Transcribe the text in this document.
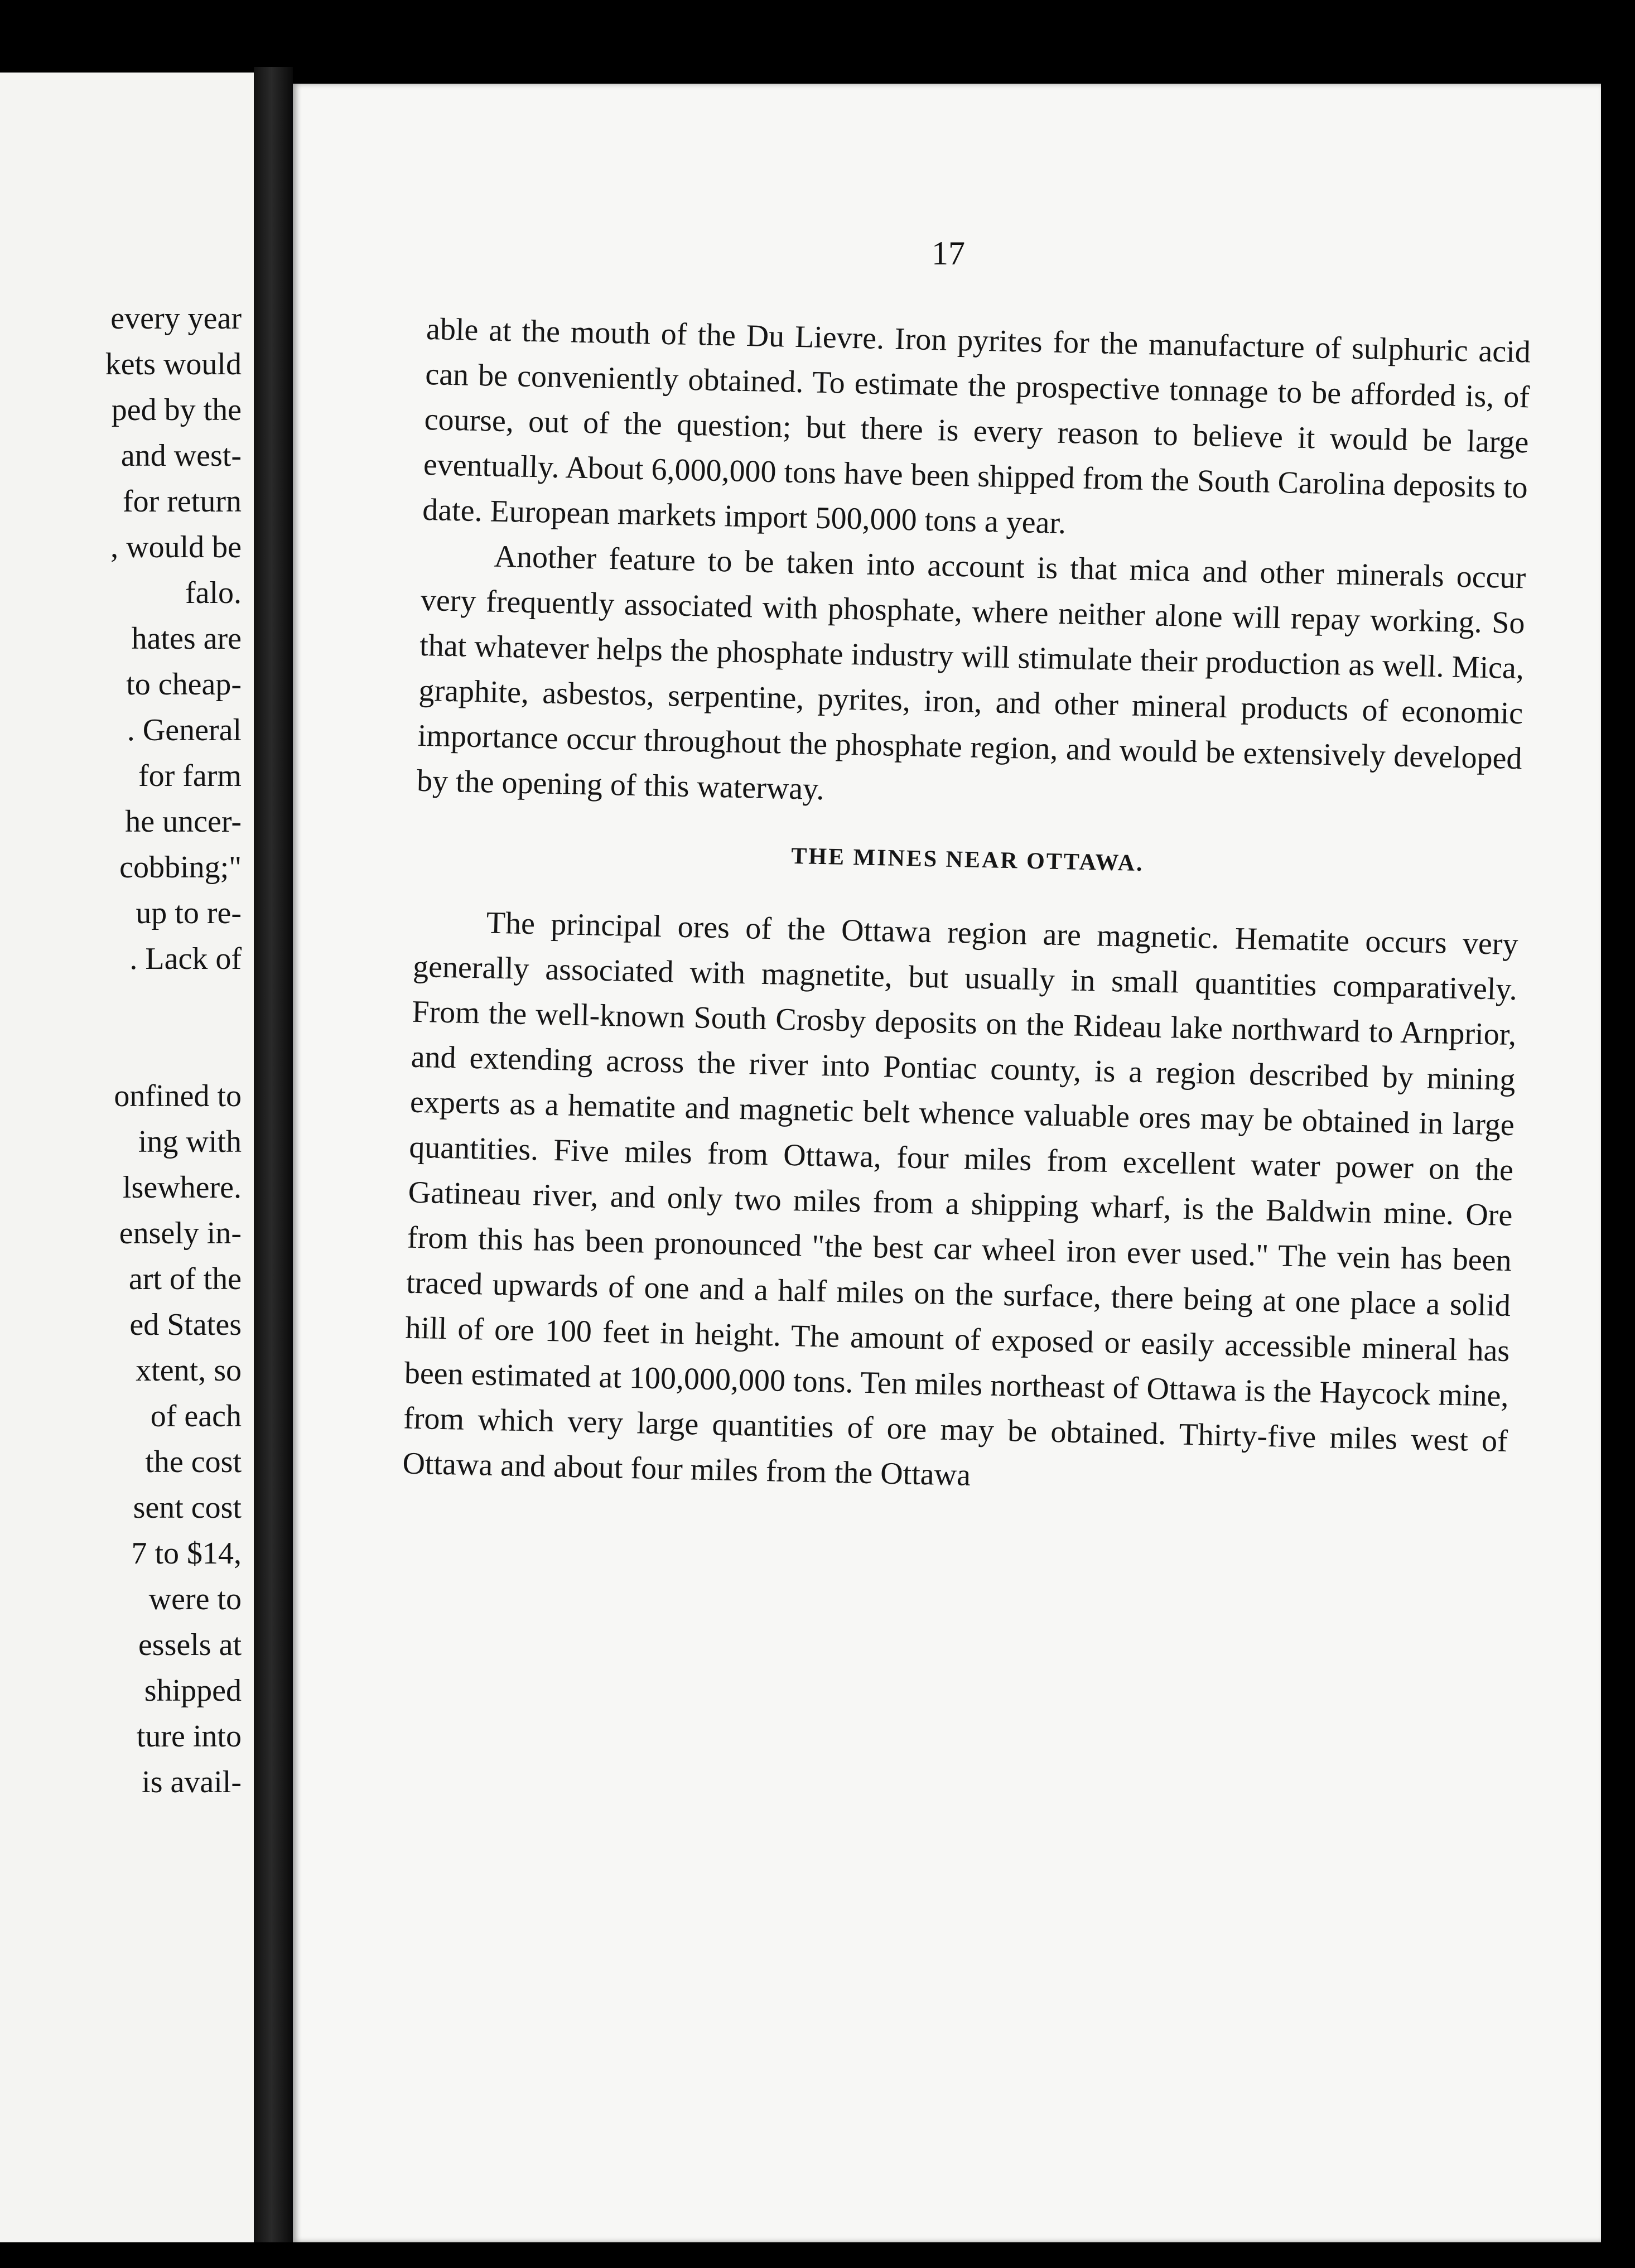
every year
kets would
ped by the
and west-
for return
, would be
falo.
hates are
to cheap-
. General
for farm
he uncer-
cobbing;"
up to re-
. Lack of
onfined to
ing with
lsewhere.
ensely in-
art of the
ed States
xtent, so
of each
the cost
sent cost
7 to $14,
were to
essels at
shipped
ture into
is avail-
17

able at the mouth of the Du Lievre. Iron pyrites for the manufacture of sulphuric acid can be conveniently obtained. To estimate the prospective tonnage to be afforded is, of course, out of the question; but there is every reason to believe it would be large eventually. About 6,000,000 tons have been shipped from the South Carolina deposits to date. European markets import 500,000 tons a year.

Another feature to be taken into account is that mica and other minerals occur very frequently associated with phosphate, where neither alone will repay working. So that whatever helps the phosphate industry will stimulate their production as well. Mica, graphite, asbestos, serpentine, pyrites, iron, and other mineral products of economic importance occur throughout the phosphate region, and would be extensively developed by the opening of this waterway.

THE MINES NEAR OTTAWA.

The principal ores of the Ottawa region are magnetic. Hematite occurs very generally associated with magnetite, but usually in small quantities comparatively. From the well-known South Crosby deposits on the Rideau lake northward to Arnprior, and extending across the river into Pontiac county, is a region described by mining experts as a hematite and magnetic belt whence valuable ores may be obtained in large quantities. Five miles from Ottawa, four miles from excellent water power on the Gatineau river, and only two miles from a shipping wharf, is the Baldwin mine. Ore from this has been pronounced "the best car wheel iron ever used." The vein has been traced upwards of one and a half miles on the surface, there being at one place a solid hill of ore 100 feet in height. The amount of exposed or easily accessible mineral has been estimated at 100,000,000 tons. Ten miles northeast of Ottawa is the Haycock mine, from which very large quantities of ore may be obtained. Thirty-five miles west of Ottawa and about four miles from the Ottawa
